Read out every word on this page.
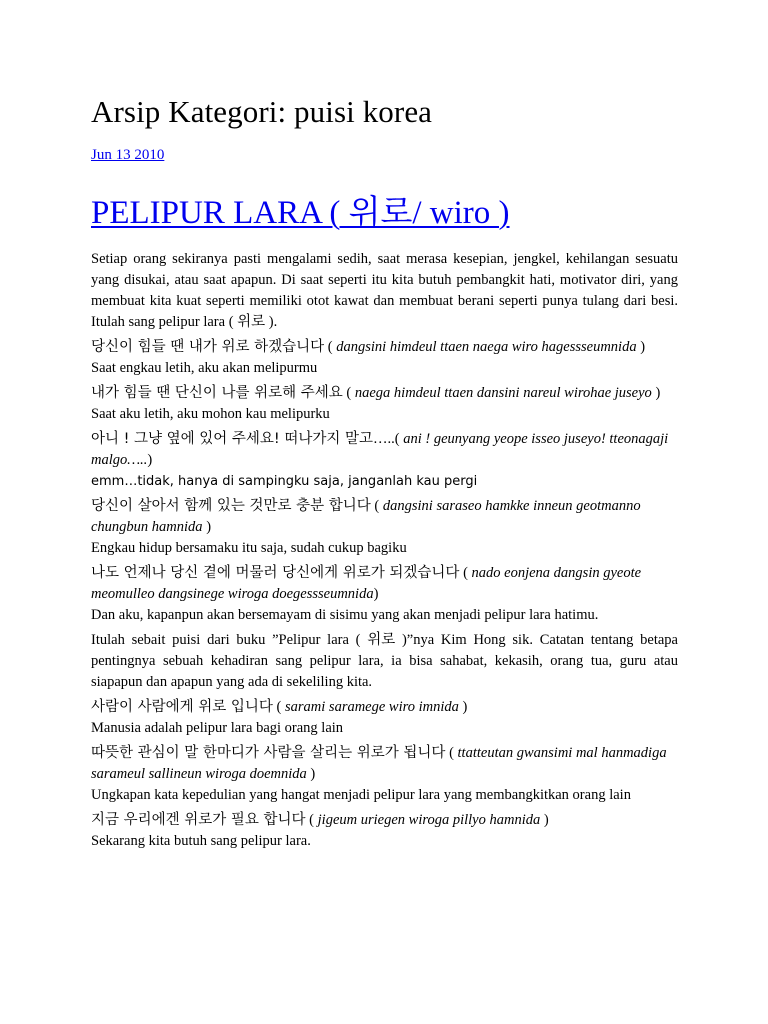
Arsip Kategori: puisi korea
Jun 13 2010
PELIPUR LARA ( 위로/ wiro )

Setiap orang sekiranya pasti mengalami sedih, saat merasa kesepian, jengkel, kehilangan sesuatu yang disukai, atau saat apapun. Di saat seperti itu kita butuh pembangkit hati, motivator diri, yang membuat kita kuat seperti memiliki otot kawat dan membuat berani seperti punya tulang dari besi. Itulah sang pelipur lara ( 위로 ).

당신이 힘들 땐 내가 위로 하겠습니다 ( dangsini himdeul ttaen naega wiro hagessseumnida )
Saat engkau letih, aku akan melipurmu
내가 힘들 땐 단신이 나를 위로해 주세요 ( naega himdeul ttaen dansini nareul wirohae juseyo )
Saat aku letih, aku mohon kau melipurku
아니 ! 그냥 옆에 있어 주세요! 떠나가지 말고…..( ani ! geunyang yeope isseo juseyo! tteonagaji malgo…..)
emm…tidak, hanya di sampingku saja, janganlah kau pergi
당신이 살아서 함께 있는 것만로 충분 합니다 ( dangsini saraseo hamkke inneun geotmanno chungbun hamnida )
Engkau hidup bersamaku itu saja, sudah cukup bagiku
나도 언제나 당신 곁에 머물러 당신에게 위로가 되겠습니다 ( nado eonjena dangsin gyeote meomulleo dangsinege wiroga doegessseumnida)
Dan aku, kapanpun akan bersemayam di sisimu yang akan menjadi pelipur lara hatimu.

Itulah sebait puisi dari buku ”Pelipur lara ( 위로 )”nya Kim Hong sik. Catatan tentang betapa pentingnya sebuah kehadiran sang pelipur lara, ia bisa sahabat, kekasih, orang tua, guru atau siapapun dan apapun yang ada di sekeliling kita.

사람이 사람에게 위로 입니다 ( sarami saramege wiro imnida )
Manusia adalah pelipur lara bagi orang lain
따뜻한 관심이 말 한마디가 사람을 살리는 위로가 됩니다 ( ttatteutan gwansimi mal hanmadiga sarameul sallineun wiroga doemnida )
Ungkapan kata kepedulian yang hangat menjadi pelipur lara yang membangkitkan orang lain
지금 우리에겐 위로가 필요 합니다 ( jigeum uriegen wiroga pillyo hamnida )
Sekarang kita butuh sang pelipur lara.
